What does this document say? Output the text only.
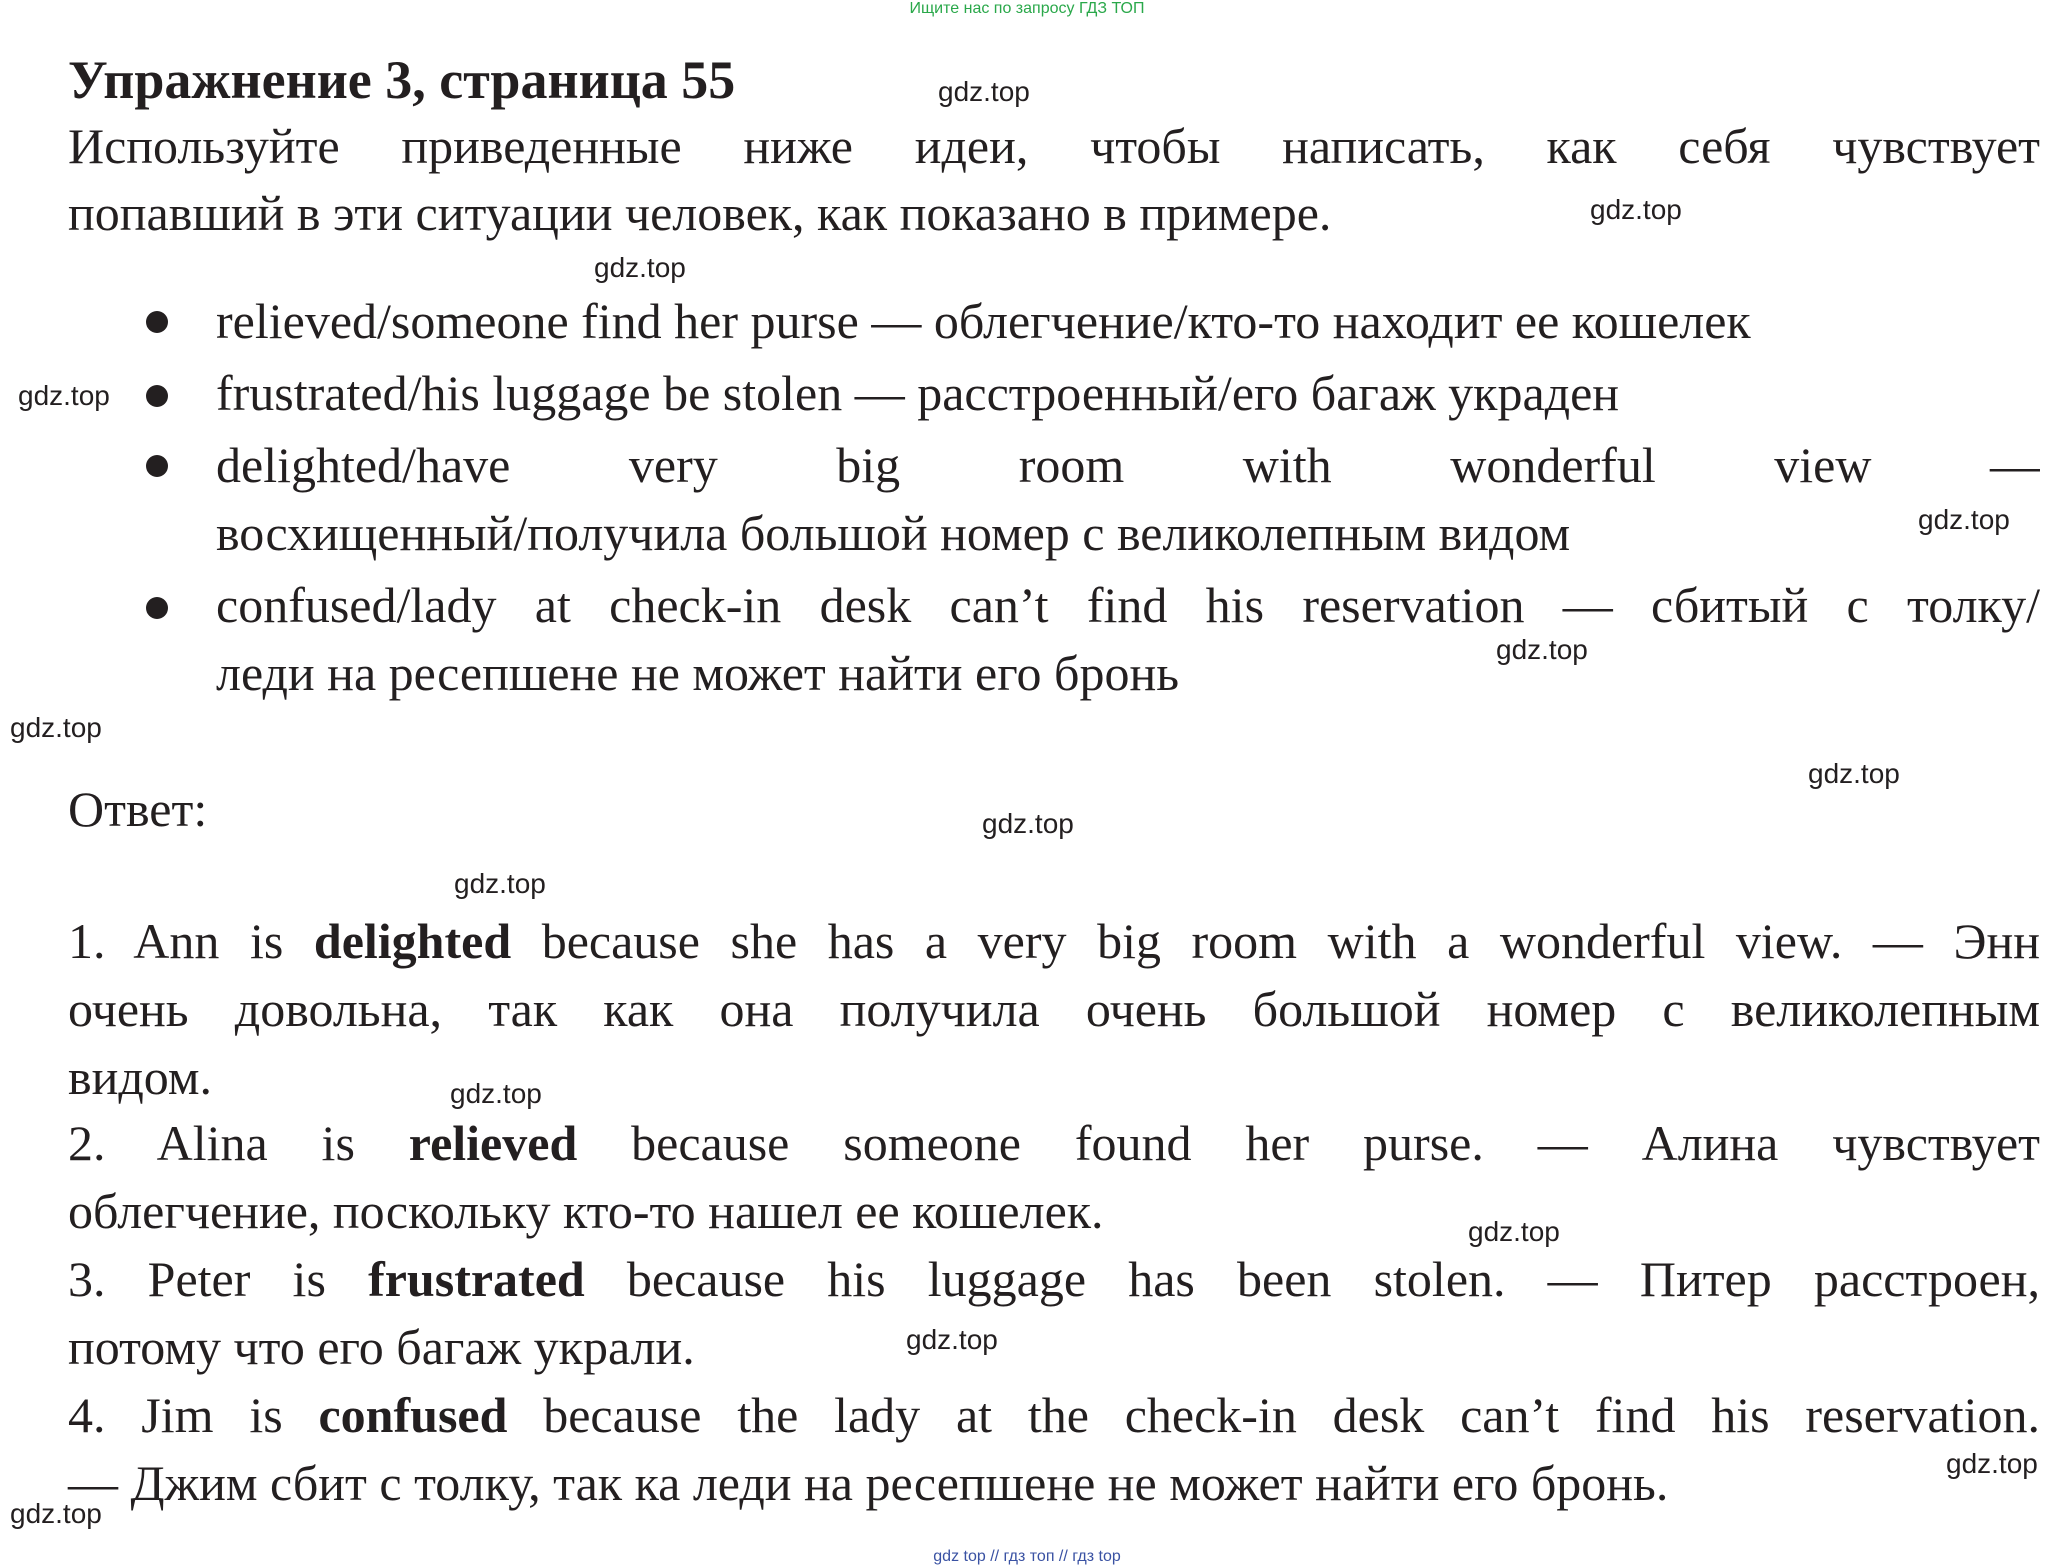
Ищите нас по запросу ГДЗ ТОП
Упражнение 3, страница 55
Используйте приведенные ниже идеи, чтобы написать, как себя чувствует
попавший в эти ситуации человек, как показано в примере.
relieved/someone find her purse — облегчение/кто-то находит ее кошелек
frustrated/his luggage be stolen — расстроенный/его багаж украден
delighted/have very big room with wonderful view —
восхищенный/получила большой номер с великолепным видом
confused/lady at check-in desk can’t find his reservation — сбитый с толку/
леди на ресепшене не может найти его бронь
Ответ:
1. Ann is delighted because she has a very big room with a wonderful view. — Энн
очень довольна, так как она получила очень большой номер с великолепным
видом.
2. Alina is relieved because someone found her purse. — Алина чувствует
облегчение, поскольку кто-то нашел ее кошелек.
3. Peter is frustrated because his luggage has been stolen. — Питер расстроен,
потому что его багаж украли.
4. Jim is confused because the lady at the check-in desk can’t find his reservation.
— Джим сбит с толку, так ка леди на ресепшене не может найти его бронь.
gdz.top
gdz.top
gdz.top
gdz.top
gdz.top
gdz.top
gdz.top
gdz.top
gdz.top
gdz.top
gdz.top
gdz.top
gdz.top
gdz.top
gdz.top
gdz top // гдз топ // гдз top
